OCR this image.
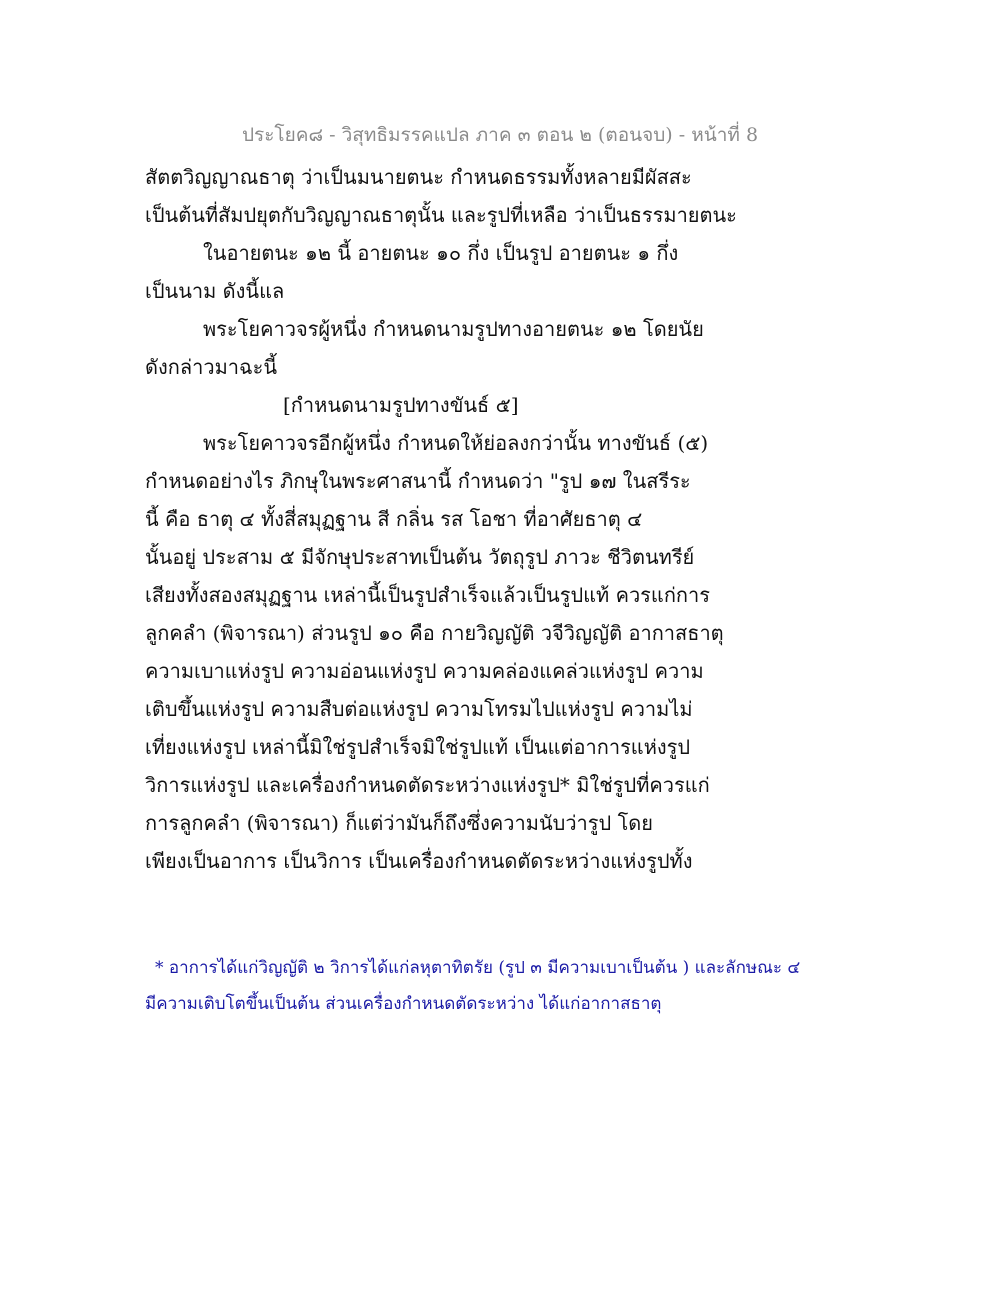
ประโยค๘ - วิสุทธิมรรคแปล ภาค ๓ ตอน ๒ (ตอนจบ) - หน้าที่ 8
สัตตวิญญาณธาตุ ว่าเป็นมนายตนะ กำหนดธรรมทั้งหลายมีผัสสะ
เป็นต้นที่สัมปยุตกับวิญญาณธาตุนั้น และรูปที่เหลือ ว่าเป็นธรรมายตนะ
ในอายตนะ ๑๒ นี้ อายตนะ ๑๐ กึ่ง เป็นรูป อายตนะ ๑ กึ่ง
เป็นนาม ดังนี้แล
พระโยคาวจรผู้หนึ่ง กำหนดนามรูปทางอายตนะ ๑๒ โดยนัย
ดังกล่าวมาฉะนี้
[กำหนดนามรูปทางขันธ์ ๕]
พระโยคาวจรอีกผู้หนึ่ง กำหนดให้ย่อลงกว่านั้น ทางขันธ์ (๕)
กำหนดอย่างไร ภิกษุในพระศาสนานี้ กำหนดว่า "รูป ๑๗ ในสรีระ
นี้ คือ ธาตุ ๔ ทั้งสี่สมุฏฐาน สี กลิ่น รส โอชา ที่อาศัยธาตุ ๔
นั้นอยู่ ประสาม ๕ มีจักษุประสาทเป็นต้น วัตถุรูป ภาวะ ชีวิตนทรีย์
เสียงทั้งสองสมุฏฐาน เหล่านี้เป็นรูปสำเร็จแล้วเป็นรูปแท้ ควรแก่การ
ลูกคลำ (พิจารณา) ส่วนรูป ๑๐ คือ กายวิญญัติ วจีวิญญัติ อากาสธาตุ
ความเบาแห่งรูป ความอ่อนแห่งรูป ความคล่องแคล่วแห่งรูป ความ
เติบขึ้นแห่งรูป ความสืบต่อแห่งรูป ความโทรมไปแห่งรูป ความไม่
เที่ยงแห่งรูป เหล่านี้มิใช่รูปสำเร็จมิใช่รูปแท้ เป็นแต่อาการแห่งรูป
วิการแห่งรูป และเครื่องกำหนดตัดระหว่างแห่งรูป* มิใช่รูปที่ควรแก่
การลูกคลำ (พิจารณา) ก็แต่ว่ามันก็ถึงซึ่งความนับว่ารูป โดย
เพียงเป็นอาการ เป็นวิการ เป็นเครื่องกำหนดตัดระหว่างแห่งรูปทั้ง
* อาการได้แก่วิญญัติ ๒ วิการได้แก่ลหุตาทิตรัย (รูป ๓ มีความเบาเป็นต้น ) และลักษณะ ๔
มีความเติบโตขึ้นเป็นต้น ส่วนเครื่องกำหนดตัดระหว่าง ได้แก่อากาสธาตุ
